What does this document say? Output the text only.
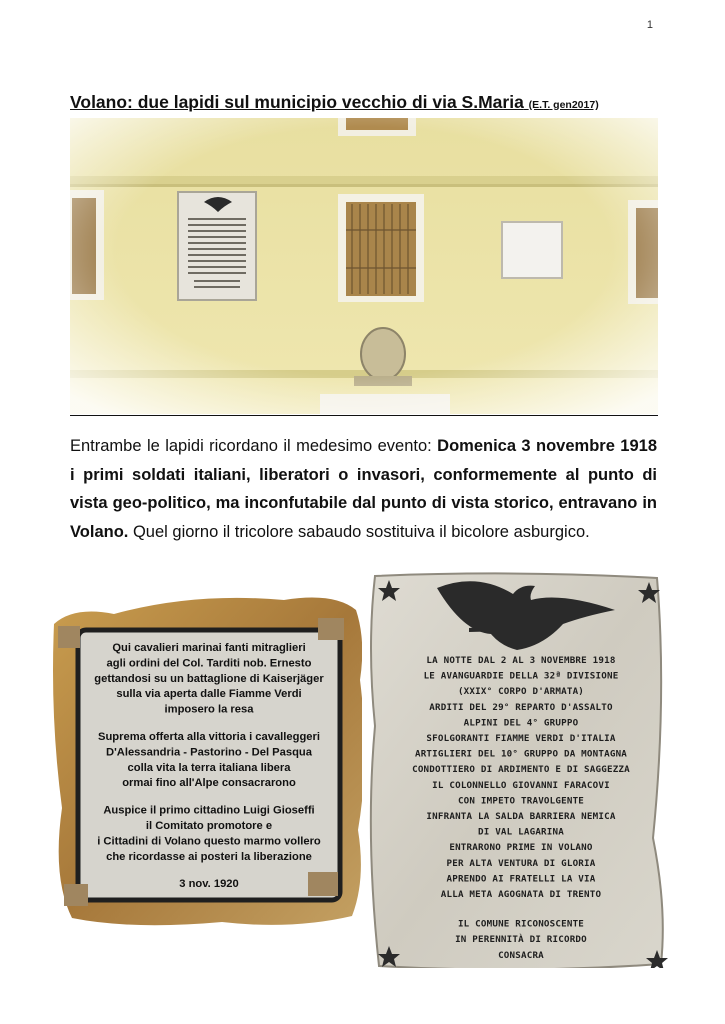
1
Volano: due lapidi sul municipio vecchio di via S.Maria (E.T. gen2017)

Entrambe le lapidi ricordano il medesimo evento: Domenica 3 novembre 1918 i primi soldati italiani, liberatori o invasori, conformemente al punto di vista geo-politico, ma inconfutabile dal punto di vista storico, entravano in Volano. Quel giorno il tricolore sabaudo sostituiva il bicolore asburgico.

Qui cavalieri marinai fanti mitraglieri
agli ordini del Col. Tarditi nob. Ernesto
gettandosi su un battaglione di Kaiserjäger
sulla via aperta dalle Fiamme Verdi
imposero la resa
Suprema offerta alla vittoria i cavalleggeri
D'Alessandria - Pastorino - Del Pasqua
colla vita la terra italiana libera
ormai fino all'Alpe consacrarono
Auspice il primo cittadino Luigi Gioseffi
il Comitato promotore e
i Cittadini di Volano questo marmo vollero
che ricordasse ai posteri la liberazione
3 nov. 1920
LA NOTTE DAL 2 AL 3 NOVEMBRE 1918
LE AVANGUARDIE DELLA 32ª DIVISIONE
(XXIX° CORPO D'ARMATA)
ARDITI DEL 29° REPARTO D'ASSALTO
ALPINI DEL 4° GRUPPO
SFOLGORANTI FIAMME VERDI D'ITALIA
ARTIGLIERI DEL 10° GRUPPO DA MONTAGNA
CONDOTTIERO DI ARDIMENTO E DI SAGGEZZA
IL COLONNELLO GIOVANNI FARACOVI
CON IMPETO TRAVOLGENTE
INFRANTA LA SALDA BARRIERA NEMICA
DI VAL LAGARINA
ENTRARONO PRIME IN VOLANO
PER ALTA VENTURA DI GLORIA
APRENDO AI FRATELLI LA VIA
ALLA META AGOGNATA DI TRENTO
IL COMUNE RICONOSCENTE
IN PERENNITÀ DI RICORDO
CONSACRA
